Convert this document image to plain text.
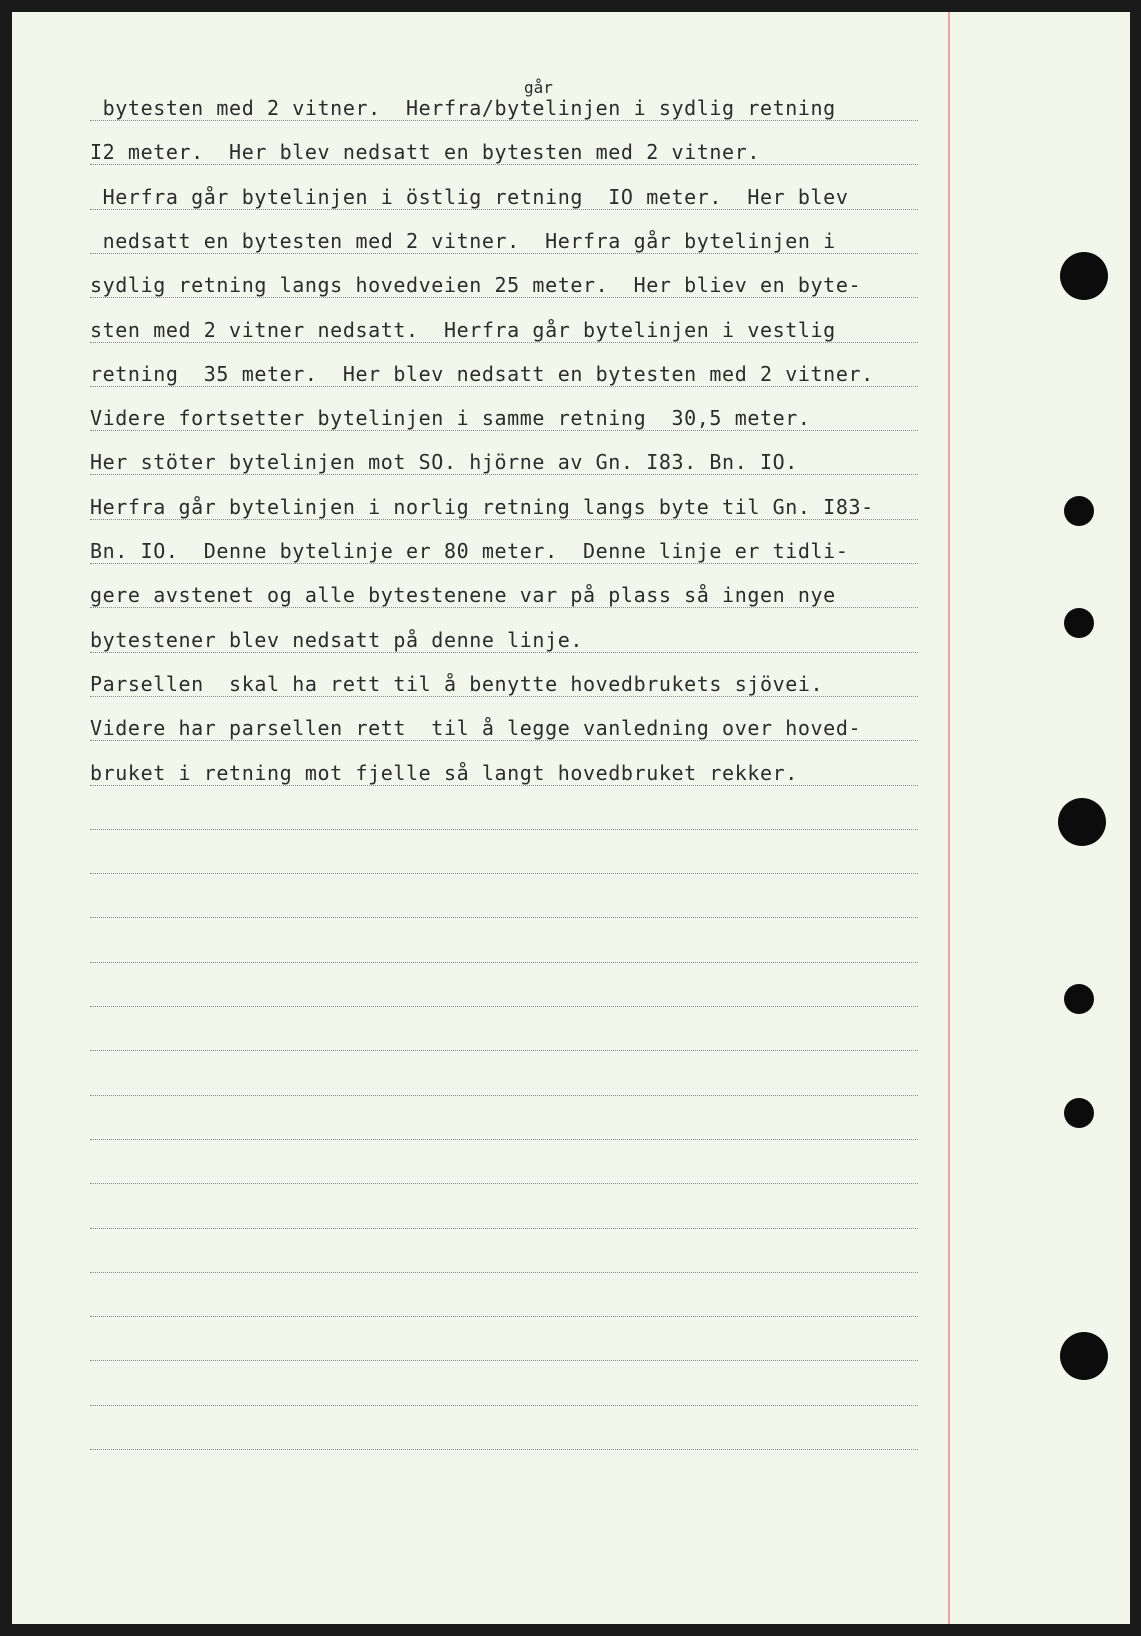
går
bytesten med 2 vitner.  Herfra/bytelinjen i sydlig retning
I2 meter.  Her blev nedsatt en bytesten med 2 vitner.
Herfra går bytelinjen i östlig retning  IO meter.  Her blev
nedsatt en bytesten med 2 vitner.  Herfra går bytelinjen i
sydlig retning langs hovedveien 25 meter.  Her bliev en byte-
sten med 2 vitner nedsatt.  Herfra går bytelinjen i vestlig
retning  35 meter.  Her blev nedsatt en bytesten med 2 vitner.
Videre fortsetter bytelinjen i samme retning  30,5 meter.
Her stöter bytelinjen mot SO. hjörne av Gn. I83. Bn. IO.
Herfra går bytelinjen i norlig retning langs byte til Gn. I83-
Bn. IO.  Denne bytelinje er 80 meter.  Denne linje er tidli-
gere avstenet og alle bytestenene var på plass så ingen nye
bytestener blev nedsatt på denne linje.
Parsellen  skal ha rett til å benytte hovedbrukets sjövei.
Videre har parsellen rett  til å legge vanledning over hoved-
bruket i retning mot fjelle så langt hovedbruket rekker.
